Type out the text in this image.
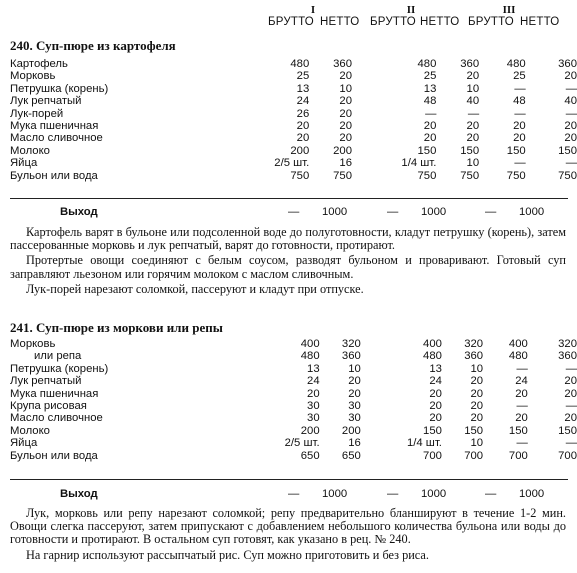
I	II	III
БРУТТО НЕТТО БРУТТО НЕТТО БРУТТО НЕТТО
240. Суп-пюре из картофеля
Картофель	480	360	480	360	480	360
Морковь	25	20	25	20	25	20
Петрушка (корень)	13	10	13	10	—	—
Лук репчатый	24	20	48	40	48	40
Лук-порей	26	20	—	—	—	—
Мука пшеничная	20	20	20	20	20	20
Масло сливочное	20	20	20	20	20	20
Молоко	200	200	150	150	150	150
Яйца	2/5 шт.	16	1/4 шт.	10	—	—
Бульон или вода	750	750	750	750	750	750
Выход	— 1000	— 1000	— 1000

Картофель варят в бульоне или подсоленной воде до полуготовности, кладут петрушку (корень), затем пассерованные морковь и лук репчатый, варят до готовности, протирают.

Протертые овощи соединяют с белым соусом, разводят бульоном и проваривают. Готовый суп заправляют льезоном или горячим молоком с маслом сливочным.

Лук-порей нарезают соломкой, пассеруют и кладут при отпуске.

241. Суп-пюре из моркови или репы
Морковь	400	320	400	320	400	320
или репа	480	360	480	360	480	360
Петрушка (корень)	13	10	13	10	—	—
Лук репчатый	24	20	24	20	24	20
Мука пшеничная	20	20	20	20	20	20
Крупа рисовая	30	30	20	20	—	—
Масло сливочное	30	30	20	20	20	20
Молоко	200	200	150	150	150	150
Яйца	2/5 шт.	16	1/4 шт.	10	—	—
Бульон или вода	650	650	700	700	700	700
Выход	— 1000	— 1000	— 1000

Лук, морковь или репу нарезают соломкой; репу предварительно бланшируют в течение 1-2 мин. Овощи слегка пассеруют, затем припускают с добавлением небольшого количества бульона или воды до готовности и протирают. В остальном суп готовят, как указано в рец. № 240.

На гарнир используют рассыпчатый рис. Суп можно приготовить и без риса.
